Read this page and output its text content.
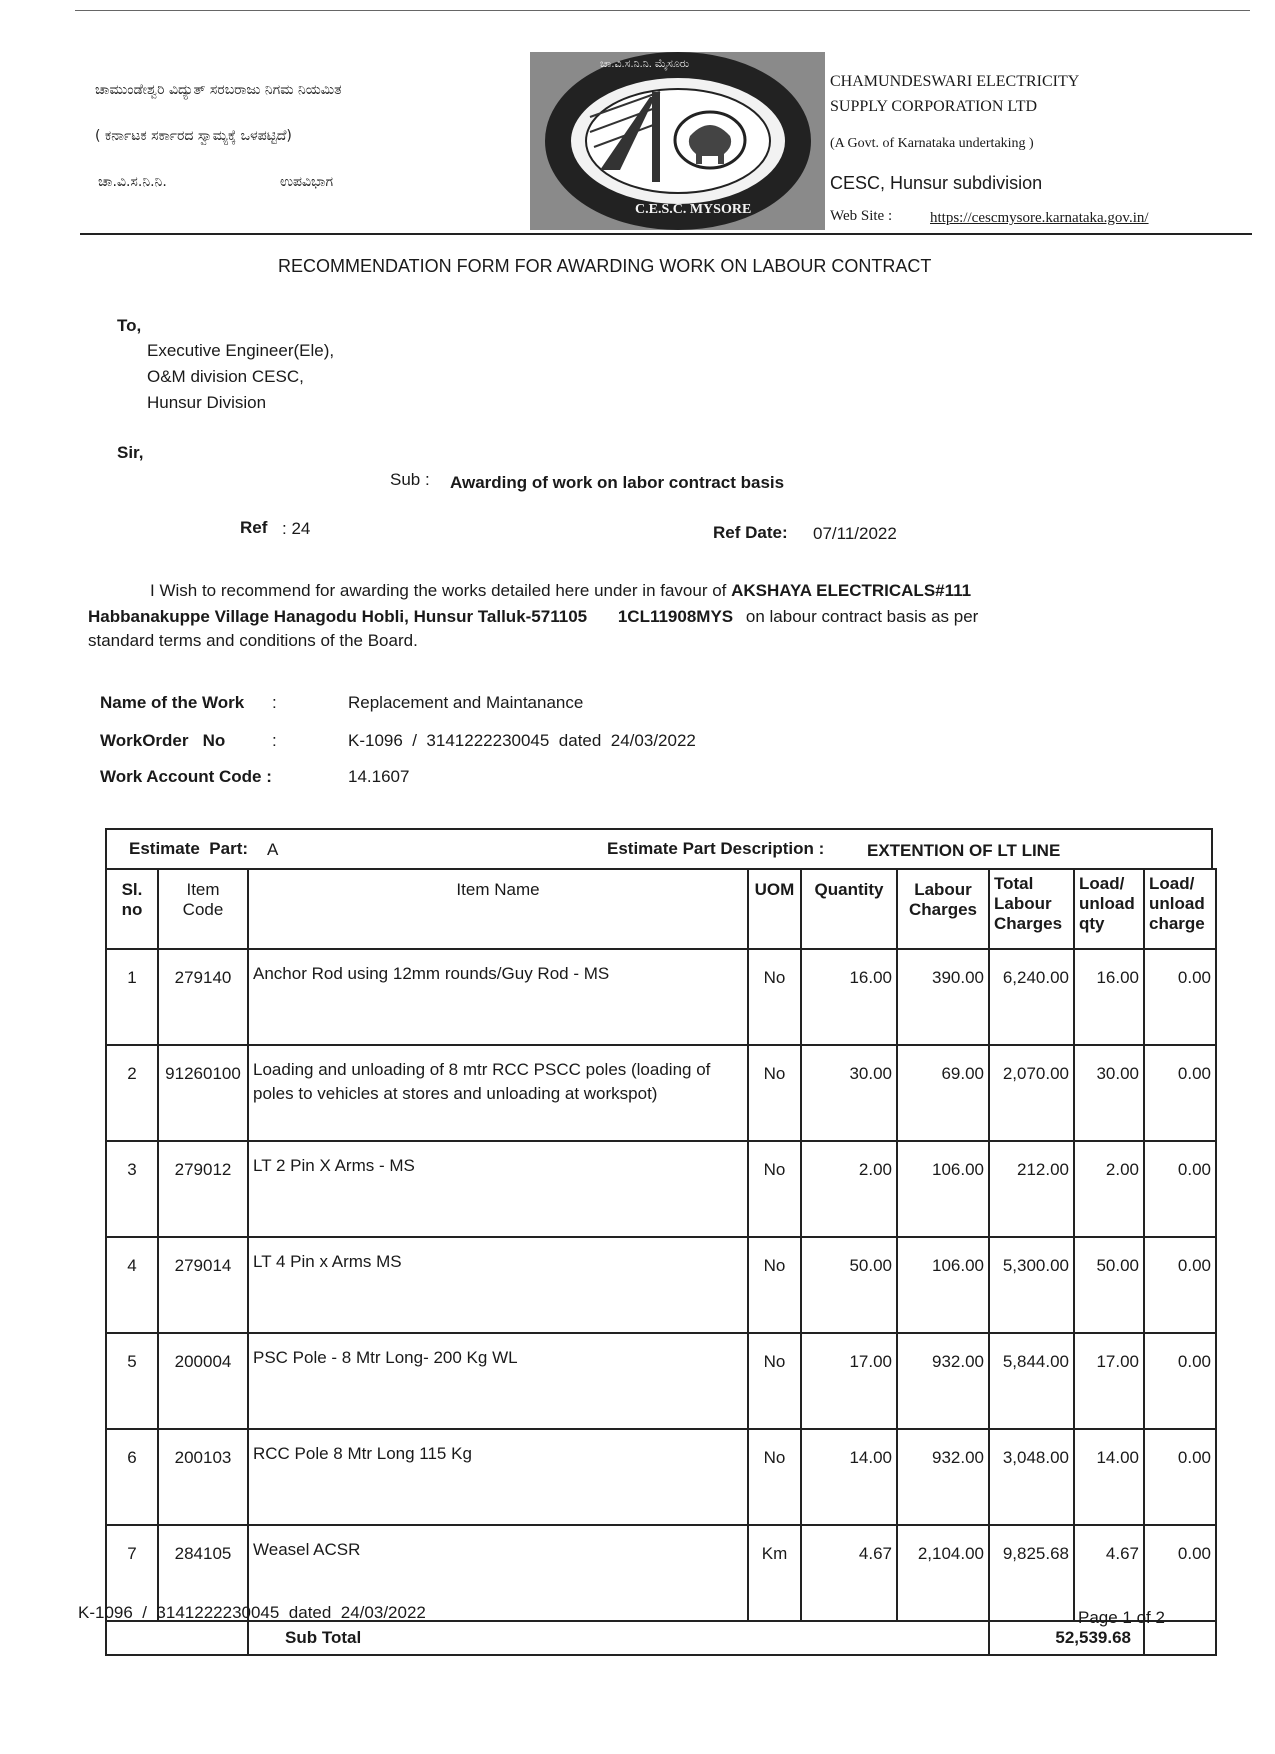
ಚಾಮುಂಡೇಶ್ವರಿ ವಿದ್ಯುತ್ ಸರಬರಾಜು ನಿಗಮ ನಿಯಮಿತ
( ಕರ್ನಾಟಕ ಸರ್ಕಾರದ ಸ್ವಾಮ್ಯಕ್ಕೆ ಒಳಪಟ್ಟಿದೆ)
ಚಾ.ವಿ.ಸ.ನಿ.ನಿ.	ಉಪವಿಭಾಗ
ಚಾ.ವಿ.ಸ.ನಿ.ನಿ. ಮೈಸೂರು
C.E.S.C. MYSORE
CHAMUNDESWARI ELECTRICITY
SUPPLY CORPORATION LTD
(A Govt. of Karnataka undertaking )
CESC, Hunsur subdivision
Web Site :	https://cescmysore.karnataka.gov.in/
RECOMMENDATION FORM FOR AWARDING WORK ON LABOUR CONTRACT
To,
Executive Engineer(Ele),
O&M division CESC,
Hunsur Division
Sir,
Sub : Awarding of work on labor contract basis
Ref : 24	Ref Date: 07/11/2022
I Wish to recommend for awarding the works detailed here under in favour of AKSHAYA ELECTRICALS#111
Habbanakuppe Village Hanagodu Hobli, Hunsur Talluk-571105 1CL11908MYS on labour contract basis as per
standard terms and conditions of the Board.
Name of the Work :	Replacement and Maintanance
WorkOrder   No	:	K-1096  /  3141222230045  dated  24/03/2022
Work Account Code :	14.1607
Estimate  Part: A	Estimate Part Description :	EXTENTION OF LT LINE
Sl.
no	Item
Code	Item Name	UOM	Quantity	Labour
Charges	Total
Labour
Charges	Load/
unload
qty	Load/
unload
charge
1	279140	Anchor Rod using 12mm rounds/Guy Rod - MS	No	16.00	390.00	6,240.00	16.00	0.00
2	91260100	Loading and unloading of 8 mtr RCC PSCC poles (loading of poles to vehicles at stores and unloading at workspot)	No	30.00	69.00	2,070.00	30.00	0.00
3	279012	LT 2 Pin X Arms - MS	No	2.00	106.00	212.00	2.00	0.00
4	279014	LT 4 Pin x Arms MS	No	50.00	106.00	5,300.00	50.00	0.00
5	200004	PSC Pole - 8 Mtr Long- 200 Kg WL	No	17.00	932.00	5,844.00	17.00	0.00
6	200103	RCC Pole 8 Mtr Long 115 Kg	No	14.00	932.00	3,048.00	14.00	0.00
7	284105	Weasel ACSR	Km	4.67	2,104.00	9,825.68	4.67	0.00
		Sub Total				52,539.68		
K-1096  /  3141222230045  dated  24/03/2022	Page 1 of 2
